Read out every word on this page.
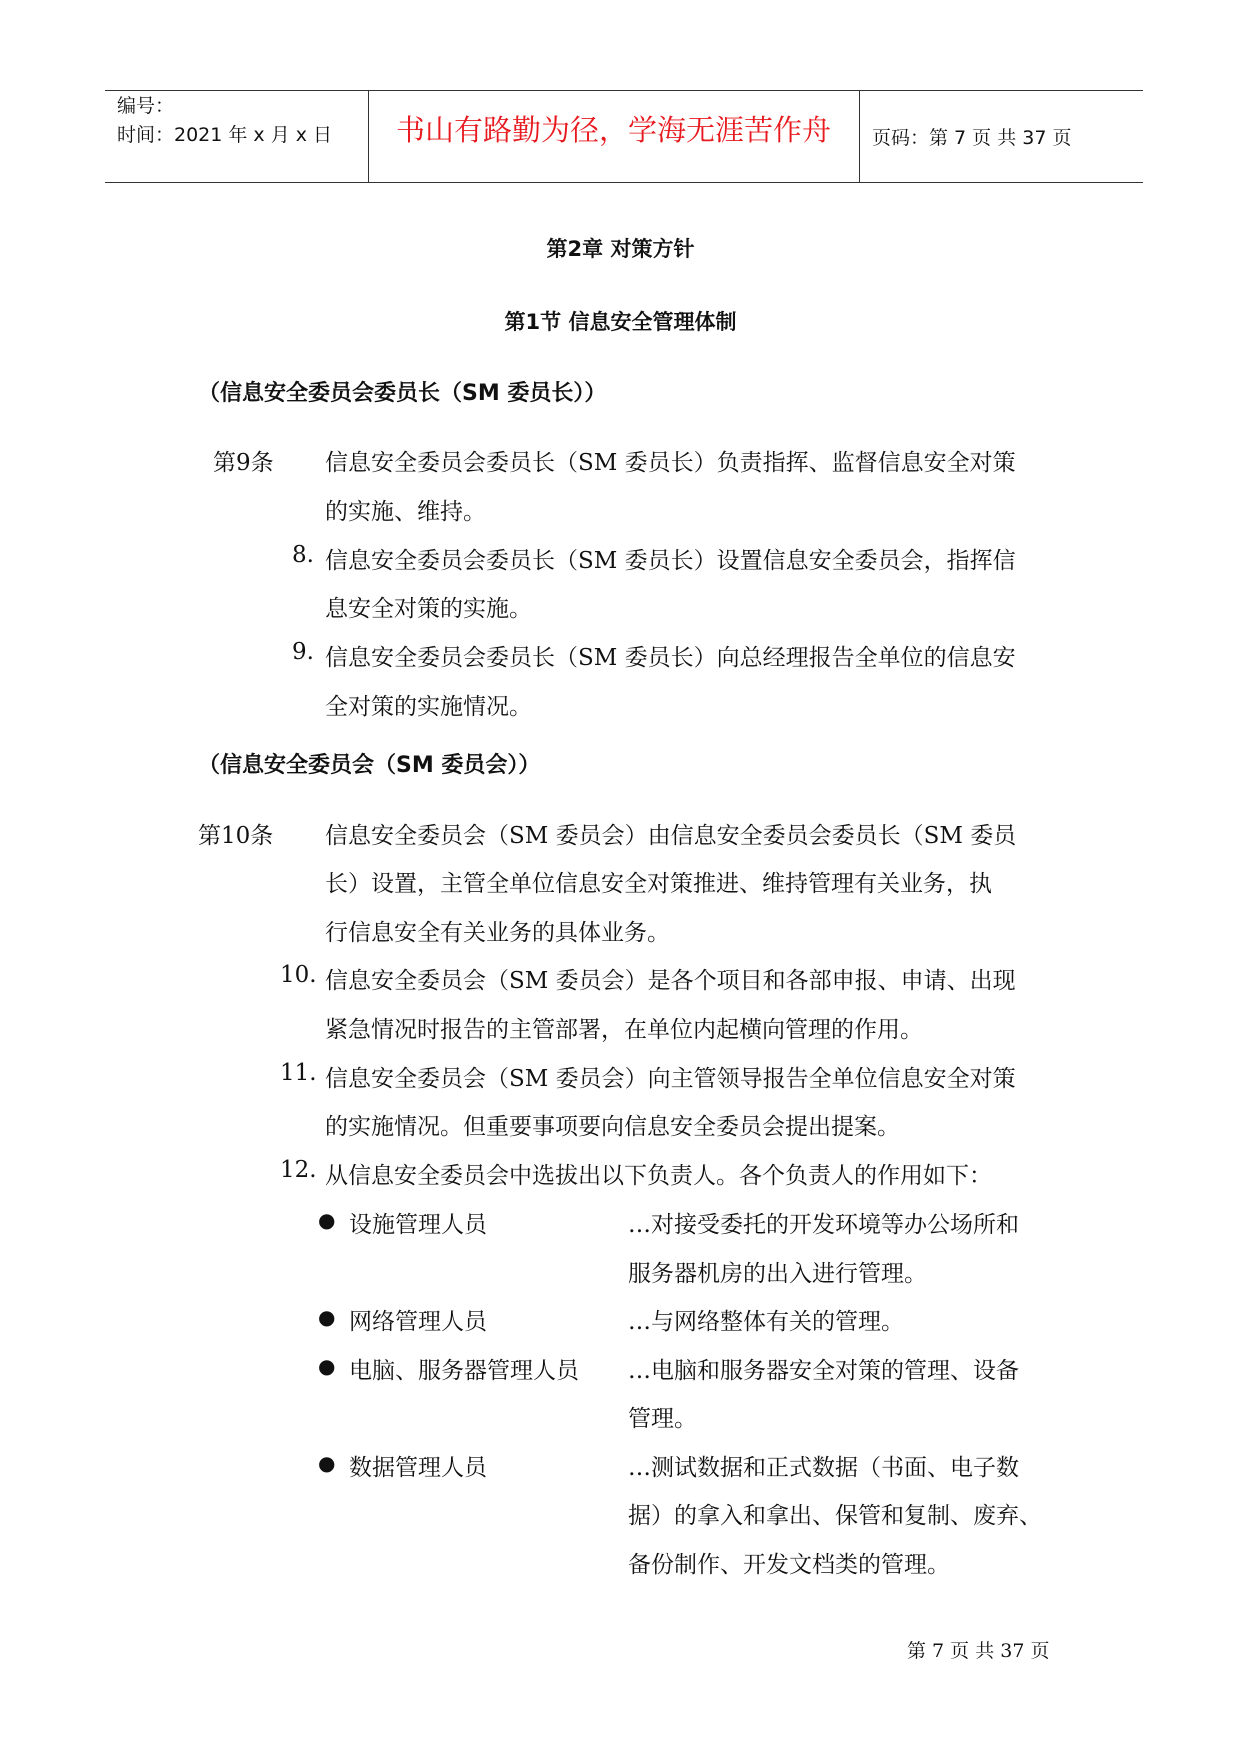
编号：
时间：2021 年 x 月 x 日	书山有路勤为径，学海无涯苦作舟	页码：第 7 页 共 37 页
第2章 对策方针
第1节 信息安全管理体制
（信息安全委员会委员长（SM 委员长））
第9条 信息安全委员会委员长（SM 委员长）负责指挥、监督信息安全对策
的实施、维持。
8. 信息安全委员会委员长（SM 委员长）设置信息安全委员会，指挥信
息安全对策的实施。
9. 信息安全委员会委员长（SM 委员长）向总经理报告全单位的信息安
全对策的实施情况。
（信息安全委员会（SM 委员会））
第10条 信息安全委员会（SM 委员会）由信息安全委员会委员长（SM 委员
长）设置，主管全单位信息安全对策推进、维持管理有关业务，执
行信息安全有关业务的具体业务。
10. 信息安全委员会（SM 委员会）是各个项目和各部申报、申请、出现
紧急情况时报告的主管部署，在单位内起横向管理的作用。
11. 信息安全委员会（SM 委员会）向主管领导报告全单位信息安全对策
的实施情况。但重要事项要向信息安全委员会提出提案。
12. 从信息安全委员会中选拔出以下负责人。各个负责人的作用如下：
● 设施管理人员	…对接受委托的开发环境等办公场所和
服务器机房的出入进行管理。
● 网络管理人员	…与网络整体有关的管理。
● 电脑、服务器管理人员 …电脑和服务器安全对策的管理、设备
管理。
● 数据管理人员	…测试数据和正式数据（书面、电子数
据）的拿入和拿出、保管和复制、废弃、
备份制作、开发文档类的管理。
第 7 页 共 37 页
